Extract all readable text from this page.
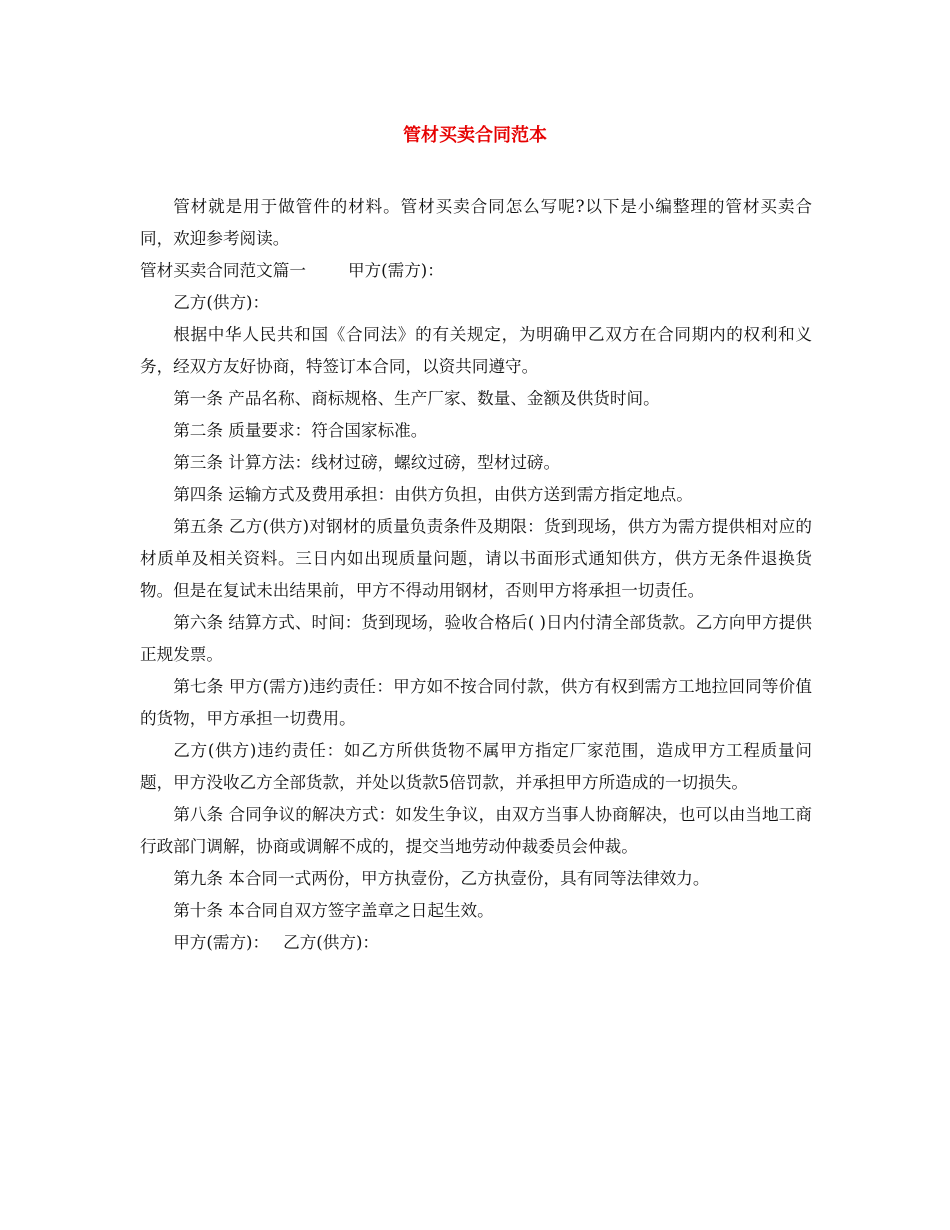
管材买卖合同范本

管材就是用于做管件的材料。管材买卖合同怎么写呢?以下是小编整理的管材买卖合同，欢迎参考阅读。

管材买卖合同范文篇一	甲方(需方)：

乙方(供方)：

根据中华人民共和国《合同法》的有关规定，为明确甲乙双方在合同期内的权利和义务，经双方友好协商，特签订本合同，以资共同遵守。

第一条 产品名称、商标规格、生产厂家、数量、金额及供货时间。

第二条 质量要求：符合国家标准。

第三条 计算方法：线材过磅，螺纹过磅，型材过磅。

第四条 运输方式及费用承担：由供方负担，由供方送到需方指定地点。

第五条 乙方(供方)对钢材的质量负责条件及期限：货到现场，供方为需方提供相对应的材质单及相关资料。三日内如出现质量问题，请以书面形式通知供方，供方无条件退换货物。但是在复试未出结果前，甲方不得动用钢材，否则甲方将承担一切责任。

第六条 结算方式、时间：货到现场，验收合格后( )日内付清全部货款。乙方向甲方提供正规发票。

第七条 甲方(需方)违约责任：甲方如不按合同付款，供方有权到需方工地拉回同等价值的货物，甲方承担一切费用。

乙方(供方)违约责任：如乙方所供货物不属甲方指定厂家范围，造成甲方工程质量问题，甲方没收乙方全部货款，并处以货款5倍罚款，并承担甲方所造成的一切损失。

第八条 合同争议的解决方式：如发生争议，由双方当事人协商解决，也可以由当地工商行政部门调解，协商或调解不成的，提交当地劳动仲裁委员会仲裁。

第九条 本合同一式两份，甲方执壹份，乙方执壹份，具有同等法律效力。

第十条 本合同自双方签字盖章之日起生效。

甲方(需方)： 乙方(供方)：
